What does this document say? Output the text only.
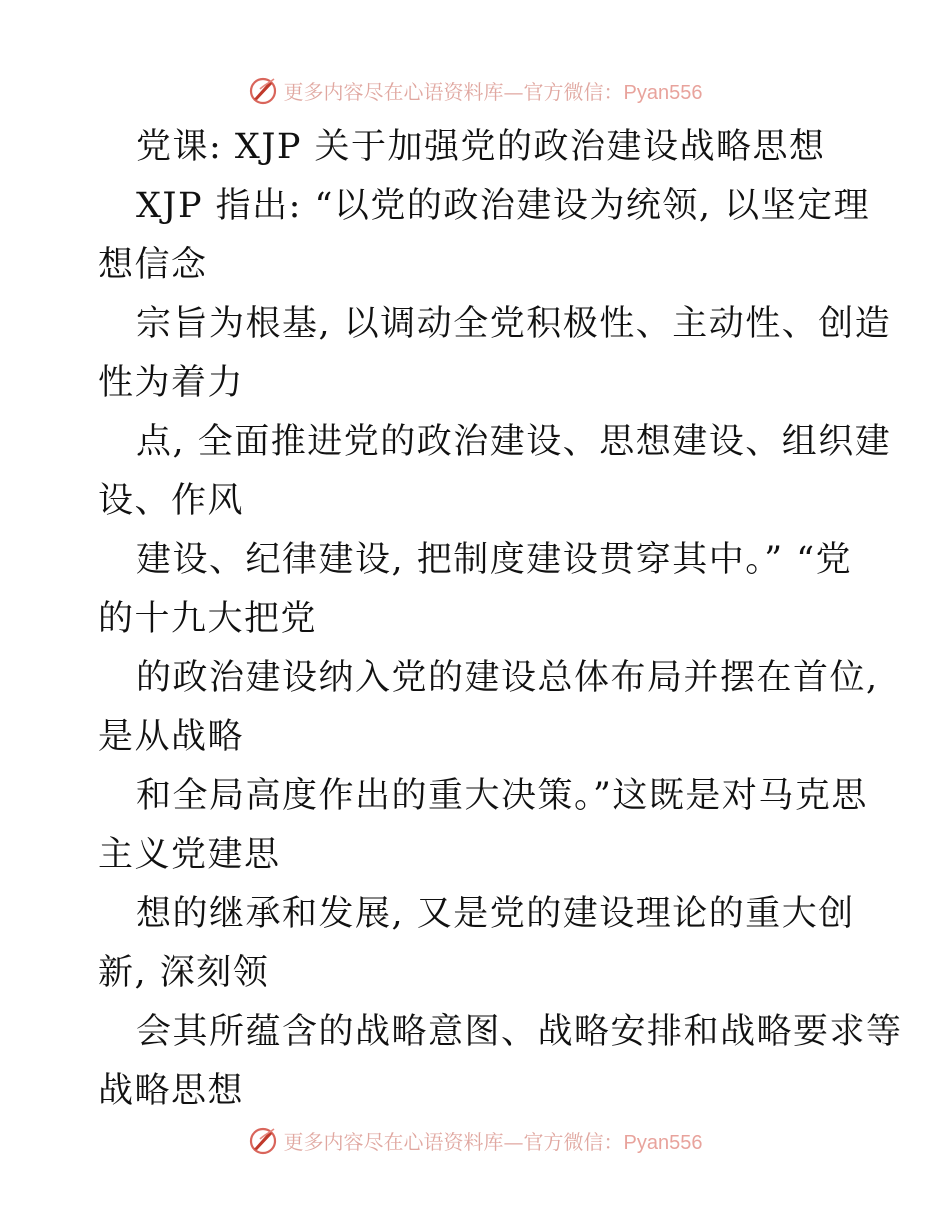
更多内容尽在心语资料库—官方微信：Pyan556
党课: XJP 关于加强党的政治建设战略思想
XJP 指出: “以党的政治建设为统领, 以坚定理
想信念
宗旨为根基, 以调动全党积极性、主动性、创造
性为着力
点, 全面推进党的政治建设、思想建设、组织建
设、作风
建设、纪律建设, 把制度建设贯穿其中。” “党
的十九大把党
的政治建设纳入党的建设总体布局并摆在首位,
是从战略
和全局高度作出的重大决策。”这既是对马克思
主义党建思
想的继承和发展, 又是党的建设理论的重大创
新, 深刻领
会其所蕴含的战略意图、战略安排和战略要求等
战略思想
更多内容尽在心语资料库—官方微信：Pyan556
